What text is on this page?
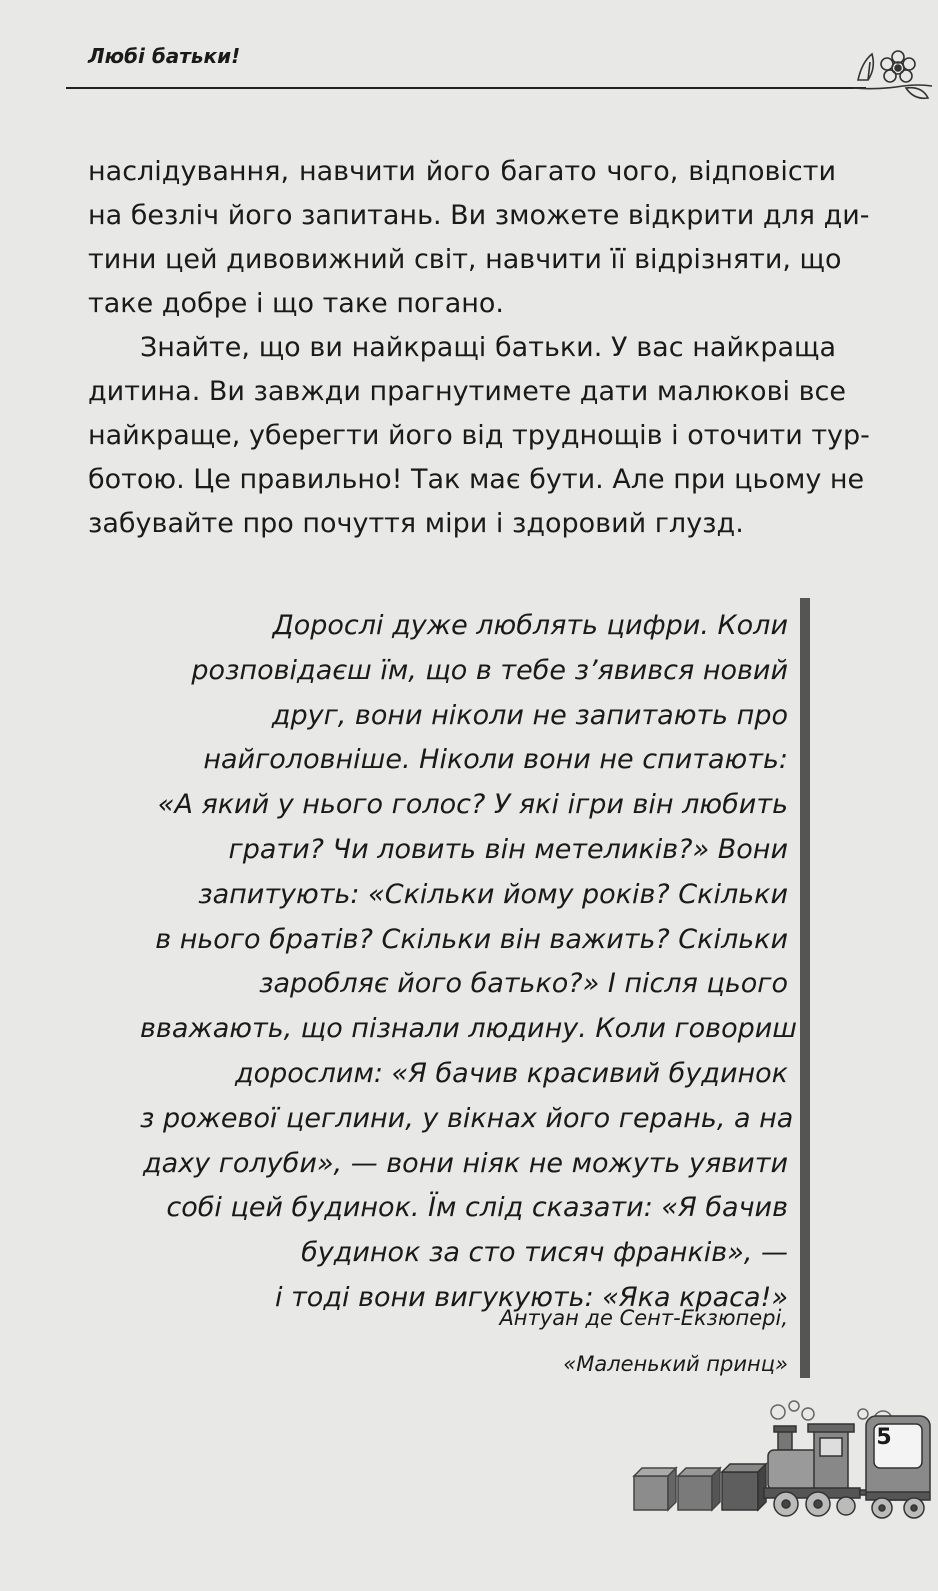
Любі батьки!
наслідування, навчити його багато чого, відповісти
на безліч його запитань. Ви зможете відкрити для ди-
тини цей дивовижний світ, навчити її відрізняти, що
таке добре і що таке погано.
Знайте, що ви найкращі батьки. У вас найкраща
дитина. Ви завжди прагнутимете дати малюкові все
найкраще, уберегти його від труднощів і оточити тур-
ботою. Це правильно! Так має бути. Але при цьому не
забувайте про почуття міри і здоровий глузд.
Дорослі дуже люблять цифри. Коли
розповідаєш їм, що в тебе з’явився новий
друг, вони ніколи не запитають про
найголовніше. Ніколи вони не спитають:
«А який у нього голос? У які ігри він любить
грати? Чи ловить він метеликів?» Вони
запитують: «Скільки йому років? Скільки
в нього братів? Скільки він важить? Скільки
заробляє його батько?» І після цього
вважають, що пізнали людину. Коли говориш
дорослим: «Я бачив красивий будинок
з рожевої цеглини, у вікнах його герань, а на
даху голуби», — вони ніяк не можуть уявити
собі цей будинок. Їм слід сказати: «Я бачив
будинок за сто тисяч франків», —
і тоді вони вигукують: «Яка краса!»
Антуан де Сент-Екзюпері,
«Маленький принц»
5
